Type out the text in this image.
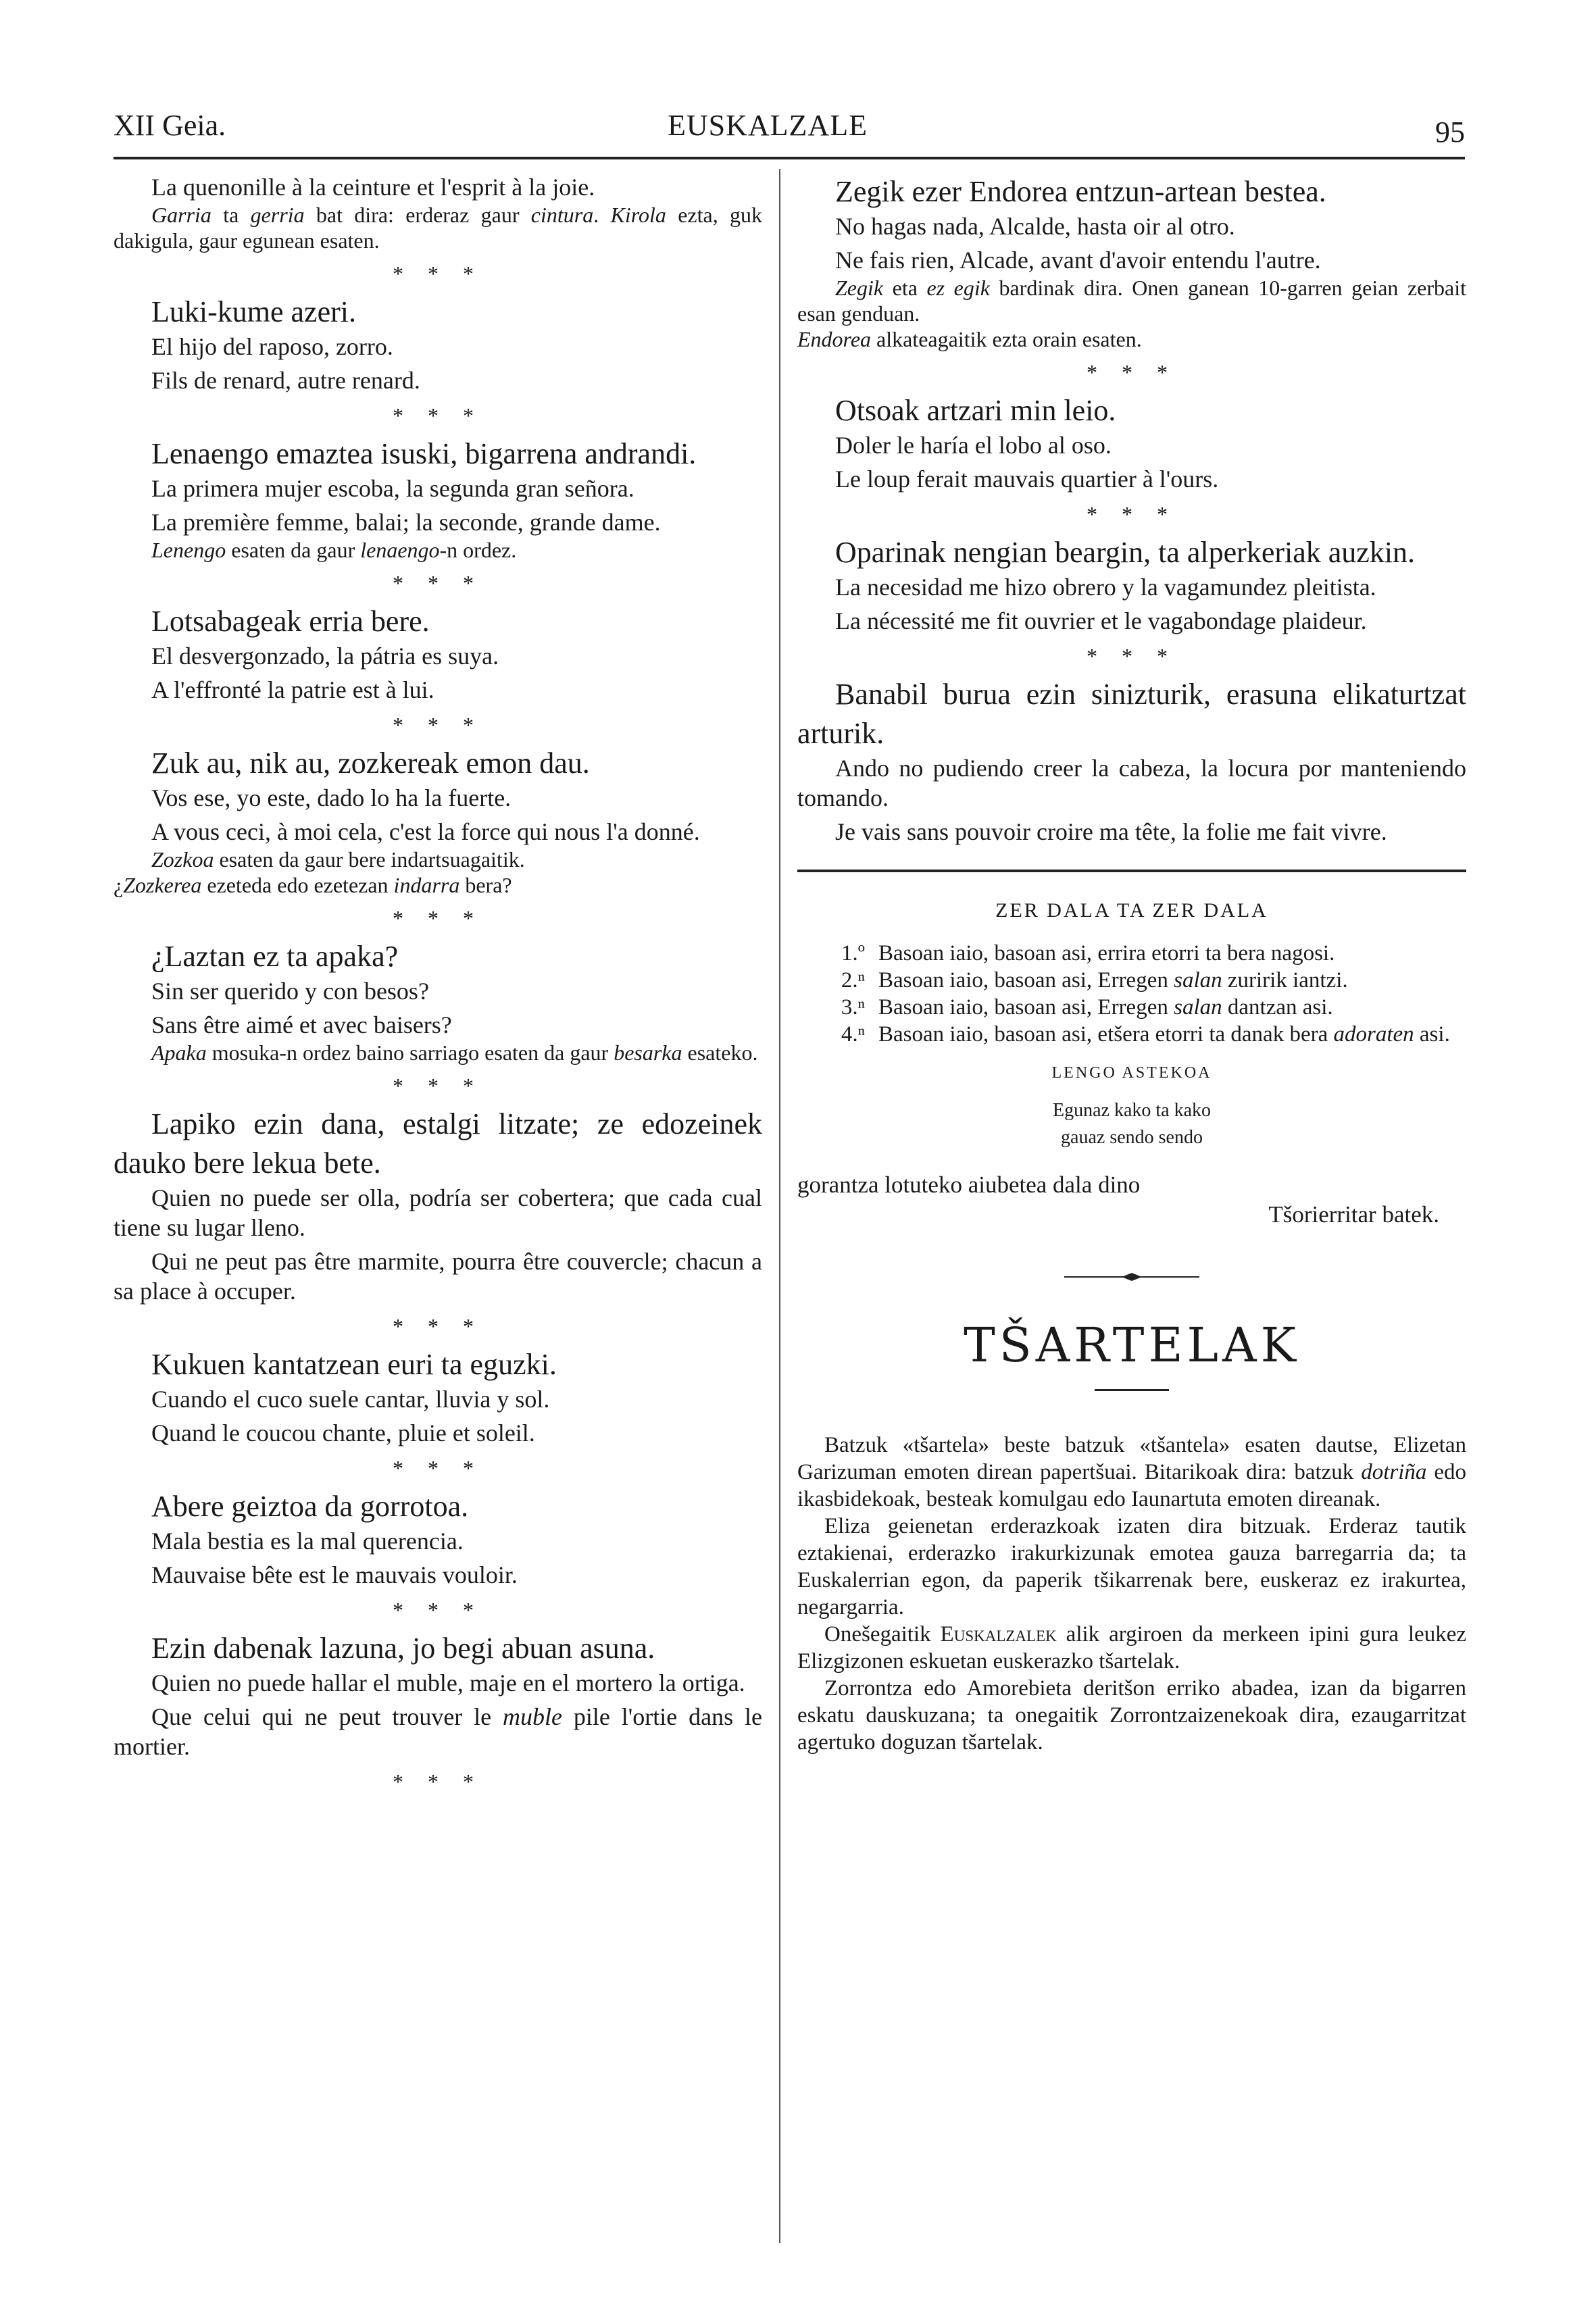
XII Geia.	EUSKALZALE	95

La quenonille à la ceinture et l'esprit à la joie.

Garria ta gerria bat dira: erderaz gaur cintura. Kirola ezta, guk dakigula, gaur egunean esaten.

* * *

Luki-kume azeri.

El hijo del raposo, zorro.

Fils de renard, autre renard.

* * *

Lenaengo emaztea isuski, bigarrena andrandi.

La primera mujer escoba, la segunda gran señora.

La première femme, balai; la seconde, grande dame.

Lenengo esaten da gaur lenaengo-n ordez.

* * *

Lotsabageak erria bere.

El desvergonzado, la pátria es suya.

A l'effronté la patrie est à lui.

* * *

Zuk au, nik au, zozkereak emon dau.

Vos ese, yo este, dado lo ha la fuerte.

A vous ceci, à moi cela, c'est la force qui nous l'a donné.

Zozkoa esaten da gaur bere indartsuagaitik.
¿Zozkerea ezeteda edo ezetezan indarra bera?

* * *

¿Laztan ez ta apaka?

Sin ser querido y con besos?

Sans être aimé et avec baisers?

Apaka mosuka-n ordez baino sarriago esaten da gaur besarka esateko.

* * *

Lapiko ezin dana, estalgi litzate; ze edozeinek dauko bere lekua bete.

Quien no puede ser olla, podría ser cobertera; que cada cual tiene su lugar lleno.

Qui ne peut pas être marmite, pourra être couvercle; chacun a sa place à occuper.

* * *

Kukuen kantatzean euri ta eguzki.

Cuando el cuco suele cantar, lluvia y sol.

Quand le coucou chante, pluie et soleil.

* * *

Abere geiztoa da gorrotoa.

Mala bestia es la mal querencia.

Mauvaise bête est le mauvais vouloir.

* * *

Ezin dabenak lazuna, jo begi abuan asuna.

Quien no puede hallar el muble, maje en el mortero la ortiga.

Que celui qui ne peut trouver le muble pile l'ortie dans le mortier.

* * *

Zegik ezer Endorea entzun-artean bestea.

No hagas nada, Alcalde, hasta oir al otro.

Ne fais rien, Alcade, avant d'avoir entendu l'autre.

Zegik eta ez egik bardinak dira. Onen ganean 10-garren geian zerbait esan genduan.
Endorea alkateagaitik ezta orain esaten.

* * *

Otsoak artzari min leio.

Doler le haría el lobo al oso.

Le loup ferait mauvais quartier à l'ours.

* * *

Oparinak nengian beargin, ta alperkeriak auzkin.

La necesidad me hizo obrero y la vagamundez pleitista.

La nécessité me fit ouvrier et le vagabondage plaideur.

* * *

Banabil burua ezin sinizturik, erasuna elikaturtzat arturik.

Ando no pudiendo creer la cabeza, la locura por manteniendo tomando.

Je vais sans pouvoir croire ma tête, la folie me fait vivre.

ZER DALA TA ZER DALA

1.º Basoan iaio, basoan asi, errira etorri ta bera nagosi.
2.ⁿ Basoan iaio, basoan asi, Erregen salan zuririk iantzi.
3.ⁿ Basoan iaio, basoan asi, Erregen salan dantzan asi.
4.ⁿ Basoan iaio, basoan asi, etšera etorri ta danak bera adoraten asi.

LENGO ASTEKOA

Egunaz kako ta kako

gauaz sendo sendo

gorantza lotuteko aiubetea dala dino

Tšorierritar batek.

TŠARTELAK

Batzuk «tšartela» beste batzuk «tšantela» esaten dautse, Elizetan Garizuman emoten direan papertšuai. Bitarikoak dira: batzuk dotriña edo ikasbidekoak, besteak komulgau edo Iaunartuta emoten direanak.

Eliza geienetan erderazkoak izaten dira bitzuak. Erderaz tautik eztakienai, erderazko irakurkizunak emotea gauza barregarria da; ta Euskalerrian egon, da paperik tšikarrenak bere, euskeraz ez irakurtea, negargarria.

Onešegaitik Euskalzalek alik argiroen da merkeen ipini gura leukez Elizgizonen eskuetan euskerazko tšartelak.

Zorrontza edo Amorebieta deritšon erriko abadea, izan da bigarren eskatu dauskuzana; ta onegaitik Zorrontzaizenekoak dira, ezaugarritzat agertuko doguzan tšartelak.
